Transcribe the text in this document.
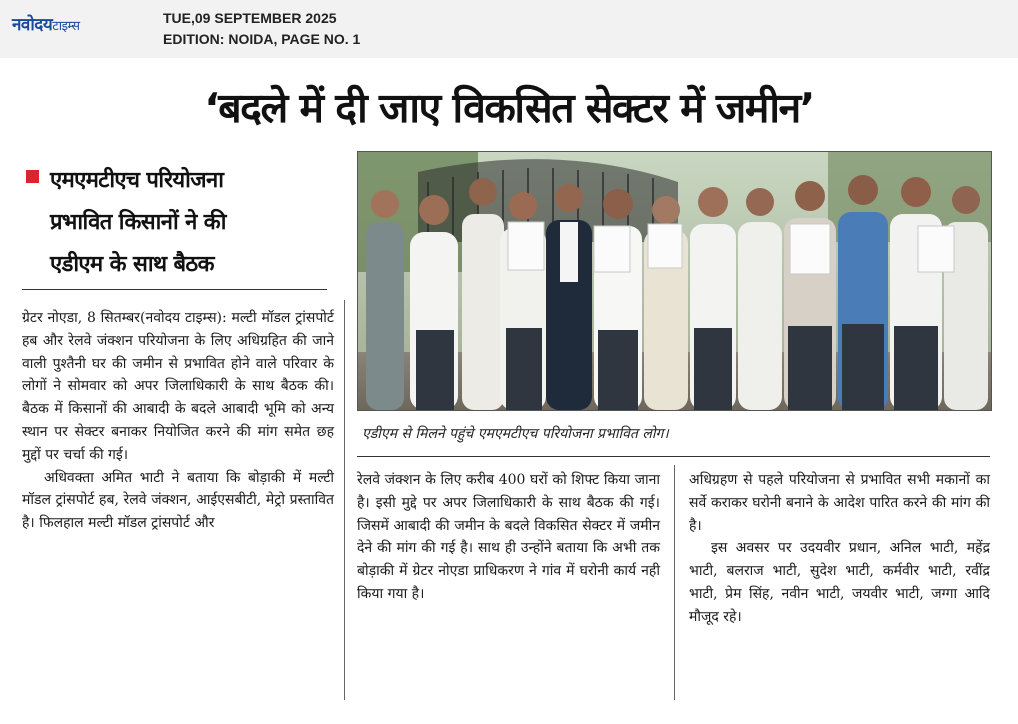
नवोदयटाइम्स
TUE,09 SEPTEMBER 2025
EDITION: NOIDA, PAGE NO. 1
‘बदले में दी जाए विकसित सेक्टर में जमीन’
एमएमटीएच परियोजना
प्रभावित किसानों ने की
एडीएम के साथ बैठक
एडीएम से मिलने पहुंचे एमएमटीएच परियोजना प्रभावित लोग।

ग्रेटर नोएडा, 8 सितम्बर(नवोदय टाइम्स): मल्टी मॉडल ट्रांसपोर्ट हब और रेलवे जंक्शन परियोजना के लिए अधिग्रहित की जाने वाली पुश्तैनी घर की जमीन से प्रभावित होने वाले परिवार के लोगों ने सोमवार को अपर जिलाधिकारी के साथ बैठक की। बैठक में किसानों की आबादी के बदले आबादी भूमि को अन्य स्थान पर सेक्टर बनाकर नियोजित करने की मांग समेत छह मुद्दों पर चर्चा की गई।

अधिवक्ता अमित भाटी ने बताया कि बोड़ाकी में मल्टी मॉडल ट्रांसपोर्ट हब, रेलवे जंक्शन, आईएसबीटी, मेट्रो प्रस्तावित है। फिलहाल मल्टी मॉडल ट्रांसपोर्ट और

रेलवे जंक्शन के लिए करीब 400 घरों को शिफ्ट किया जाना है। इसी मुद्दे पर अपर जिलाधिकारी के साथ बैठक की गई। जिसमें आबादी की जमीन के बदले विकसित सेक्टर में जमीन देने की मांग की गई है। साथ ही उन्होंने बताया कि अभी तक बोड़ाकी में ग्रेटर नोएडा प्राधिकरण ने गांव में घरोनी कार्य नही किया गया है।

अधिग्रहण से पहले परियोजना से प्रभावित सभी मकानों का सर्वे कराकर घरोनी बनाने के आदेश पारित करने की मांग की है।

इस अवसर पर उदयवीर प्रधान, अनिल भाटी, महेंद्र भाटी, बलराज भाटी, सुदेश भाटी, कर्मवीर भाटी, रवींद्र भाटी, प्रेम सिंह, नवीन भाटी, जयवीर भाटी, जग्गा आदि मौजूद रहे।
